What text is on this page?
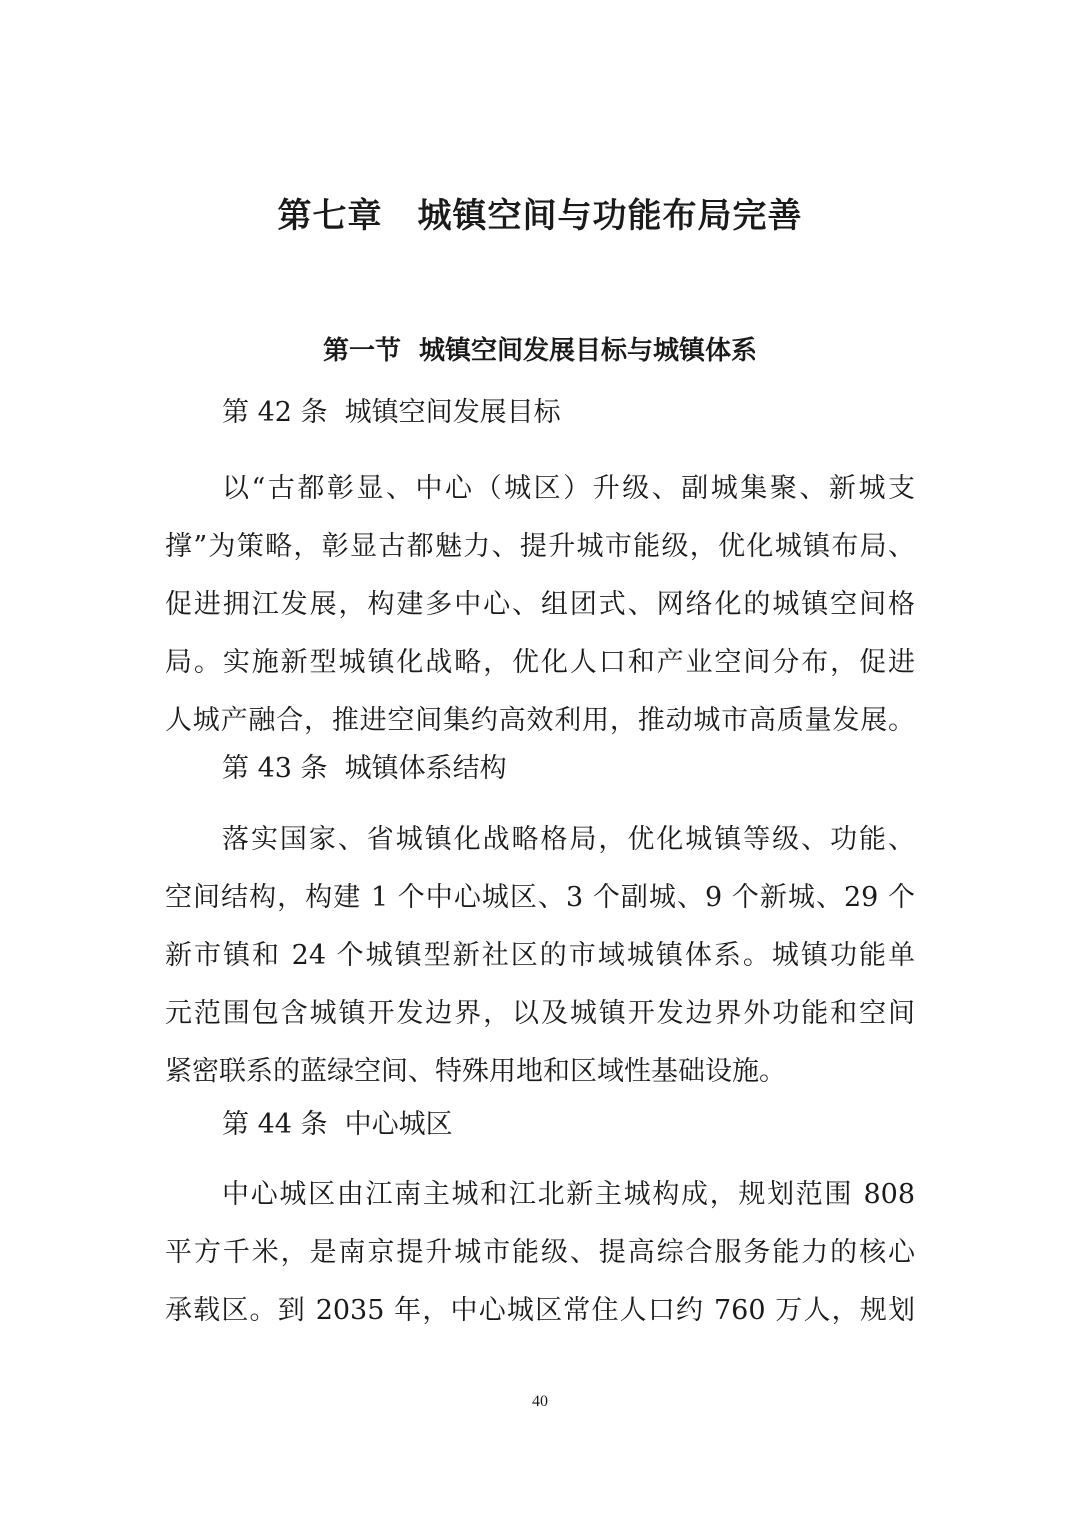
第七章　城镇空间与功能布局完善
第一节  城镇空间发展目标与城镇体系
第 42 条  城镇空间发展目标
以“古都彰显、中心（城区）升级、副城集聚、新城支
撑”为策略，彰显古都魅力、提升城市能级，优化城镇布局、
促进拥江发展，构建多中心、组团式、网络化的城镇空间格
局。实施新型城镇化战略，优化人口和产业空间分布，促进
人城产融合，推进空间集约高效利用，推动城市高质量发展。
第 43 条  城镇体系结构
落实国家、省城镇化战略格局，优化城镇等级、功能、
空间结构，构建 1 个中心城区、3 个副城、9 个新城、29 个
新市镇和 24 个城镇型新社区的市域城镇体系。城镇功能单
元范围包含城镇开发边界，以及城镇开发边界外功能和空间
紧密联系的蓝绿空间、特殊用地和区域性基础设施。
第 44 条  中心城区
中心城区由江南主城和江北新主城构成，规划范围 808
平方千米，是南京提升城市能级、提高综合服务能力的核心
承载区。到 2035 年，中心城区常住人口约 760 万人，规划
40
